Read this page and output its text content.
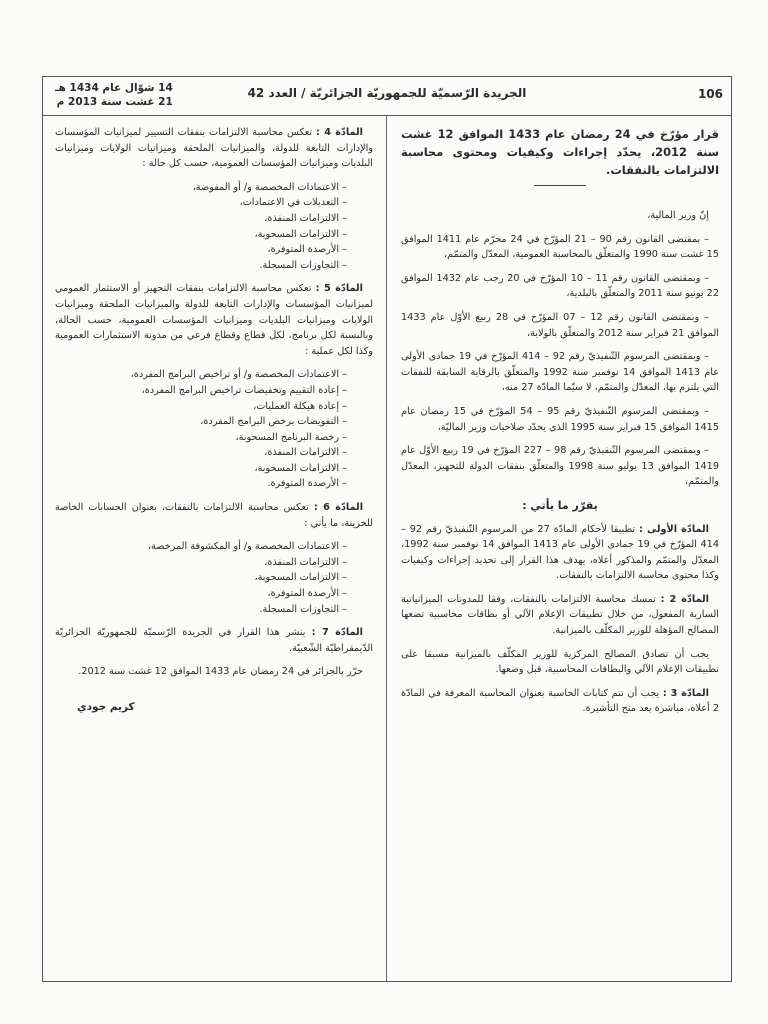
106
الجريدة الرّسميّة للجمهوريّة الجزائريّة / العدد 42
14 شوّال عام 1434 هـ
21 غشت سنة 2013 م

قرار مؤرّخ في 24 رمضان عام 1433 الموافق 12 غشت سنة 2012، يحدّد إجراءات وكيفيات ومحتوى محاسبة الالتزامات بالنفقات.

إنّ وزير المالية،

– بمقتضى القانون رقم 90 – 21 المؤرّخ في 24 محرّم عام 1411 الموافق 15 غشت سنة 1990 والمتعلّق بالمحاسبة العمومية، المعدّل والمتمّم،

– وبمقتضى القانون رقم 11 – 10 المؤرّخ في 20 رجب عام 1432 الموافق 22 يونيو سنة 2011 والمتعلّق بالبلدية،

– وبمقتضى القانون رقم 12 – 07 المؤرّخ في 28 ربيع الأوّل عام 1433 الموافق 21 فبراير سنة 2012 والمتعلّق بالولاية،

– وبمقتضى المرسوم التّنفيذيّ رقم 92 – 414 المؤرّخ في 19 جمادى الأولى عام 1413 الموافق 14 نوفمبر سنة 1992 والمتعلّق بالرقابة السابقة للنفقات التي يلتزم بها، المعدّل والمتمّم، لا سيّما المادّة 27 منه،

– وبمقتضى المرسوم التّنفيذيّ رقم 95 – 54 المؤرّخ في 15 رمضان عام 1415 الموافق 15 فبراير سنة 1995 الذي يحدّد صلاحيات وزير الماليّة،

– وبمقتضى المرسوم التّنفيذيّ رقم 98 – 227 المؤرّخ في 19 ربيع الأوّل عام 1419 الموافق 13 يوليو سنة 1998 والمتعلّق بنفقات الدولة للتجهيز، المعدّل والمتمّم،

يقرّر ما يأتي :

المادّة الأولى : تطبيقا لأحكام المادّة 27 من المرسوم التّنفيذيّ رقم 92 – 414 المؤرّخ في 19 جمادى الأولى عام 1413 الموافق 14 نوفمبر سنة 1992، المعدّل والمتمّم والمذكور أعلاه، يهدف هذا القرار إلى تحديد إجراءات وكيفيات وكذا محتوى محاسبة الالتزامات بالنفقات.

المادّة 2 : تمسك محاسبة الالتزامات بالنفقات، وفقا للمدونات الميزانياتية السارية المفعول، من خلال تطبيقات الإعلام الآلي أو بطاقات محاسبية تضعها المصالح المؤهلة للوزير المكلّف بالميزانية.

يجب أن تصادق المصالح المركزية للوزير المكلّف بالميزانية مسبقا على تطبيقات الإعلام الآلي والبطاقات المحاسبية، قبل وضعها.

المادّة 3 : يجب أن تتم كتابات الحاسبة بعنوان المحاسبة المعرفة في المادّة 2 أعلاه، مباشرة بعد منح التأشيرة.

المادّة 4 : تعكس محاسبة الالتزامات بنفقات التسيير لميزانيات المؤسسات والإدارات التابعة للدولة، والميزانيات الملحقة وميزانيات الولايات وميزانيات البلديات وميزانيات المؤسسات العمومية، حسب كل حالة :

– الاعتمادات المخصصة و/ أو المفوضة،
– التعديلات في الاعتمادات،
– الالتزامات المنفذة،
– الالتزامات المسحوبة،
– الأرصدة المتوفرة،
– التجاوزات المسجلة.

المادّة 5 : تعكس محاسبة الالتزامات بنفقات التجهيز أو الاستثمار العمومي لميزانيات المؤسسات والإدارات التابعة للدولة والميزانيات الملحقة وميزانيات الولايات وميزانيات البلديات وميزانيات المؤسسات العمومية، حسب الحالة، وبالنسبة لكل برنامج، لكل قطاع وقطاع فرعي من مدونة الاستثمارات العمومية وكذا لكل عملية :

– الاعتمادات المخصصة و/ أو تراخيص البرامج المفردة،
– إعادة التقييم وتخفيضات تراخيص البرامج المفردة،
– إعادة هيكلة العمليات،
– التفويضات برخص البرامج المفردة،
– رخصة البرنامج المسحوبة،
– الالتزامات المنفذة،
– الالتزامات المسحوبة،
– الأرصدة المتوفرة.

المادّة 6 : تعكس محاسبة الالتزامات بالنفقات، بعنوان الحسابات الخاصة للخزينة، ما يأتي :

– الاعتمادات المخصصة و/ أو المكشوفة المرخصة،
– الالتزامات المنفذة،
– الالتزامات المسحوبة،
– الأرصدة المتوفرة،
– التجاوزات المسجلة.

المادّة 7 : ينشر هذا القرار في الجريدة الرّسميّة للجمهوريّة الجزائريّة الدّيمقراطيّة الشّعبيّة.

حرّر بالجزائر في 24 رمضان عام 1433 الموافق 12 غشت سنة 2012.

كريم جودي
